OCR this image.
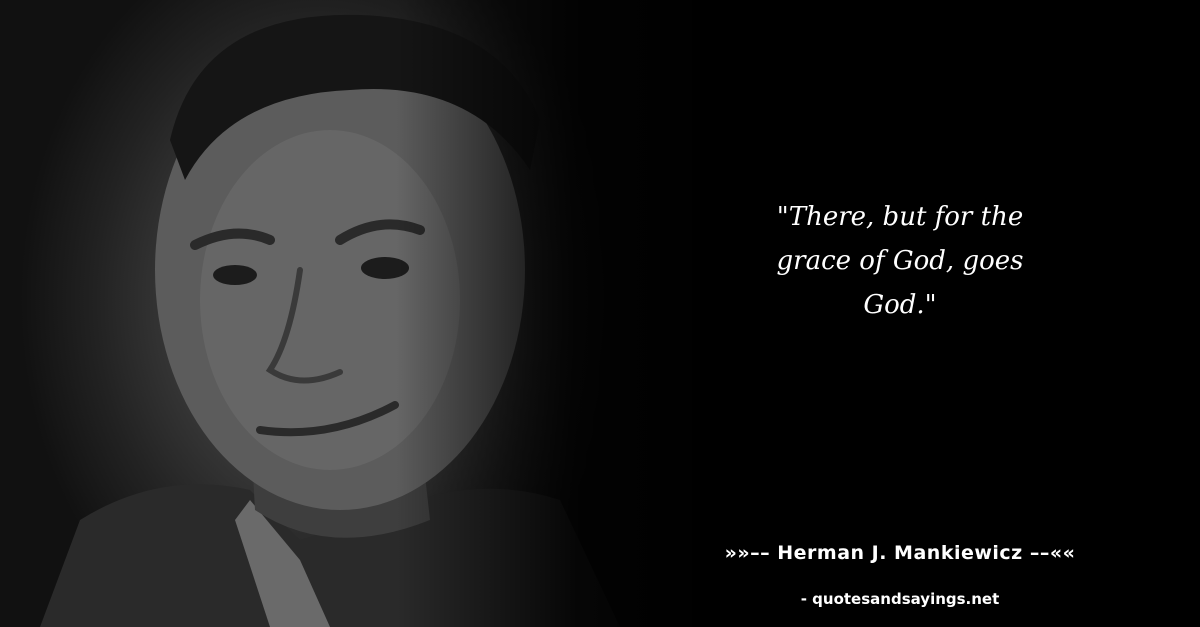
"There, but for the
grace of God, goes
God."
»»–– Herman J. Mankiewicz ––««
- quotesandsayings.net
